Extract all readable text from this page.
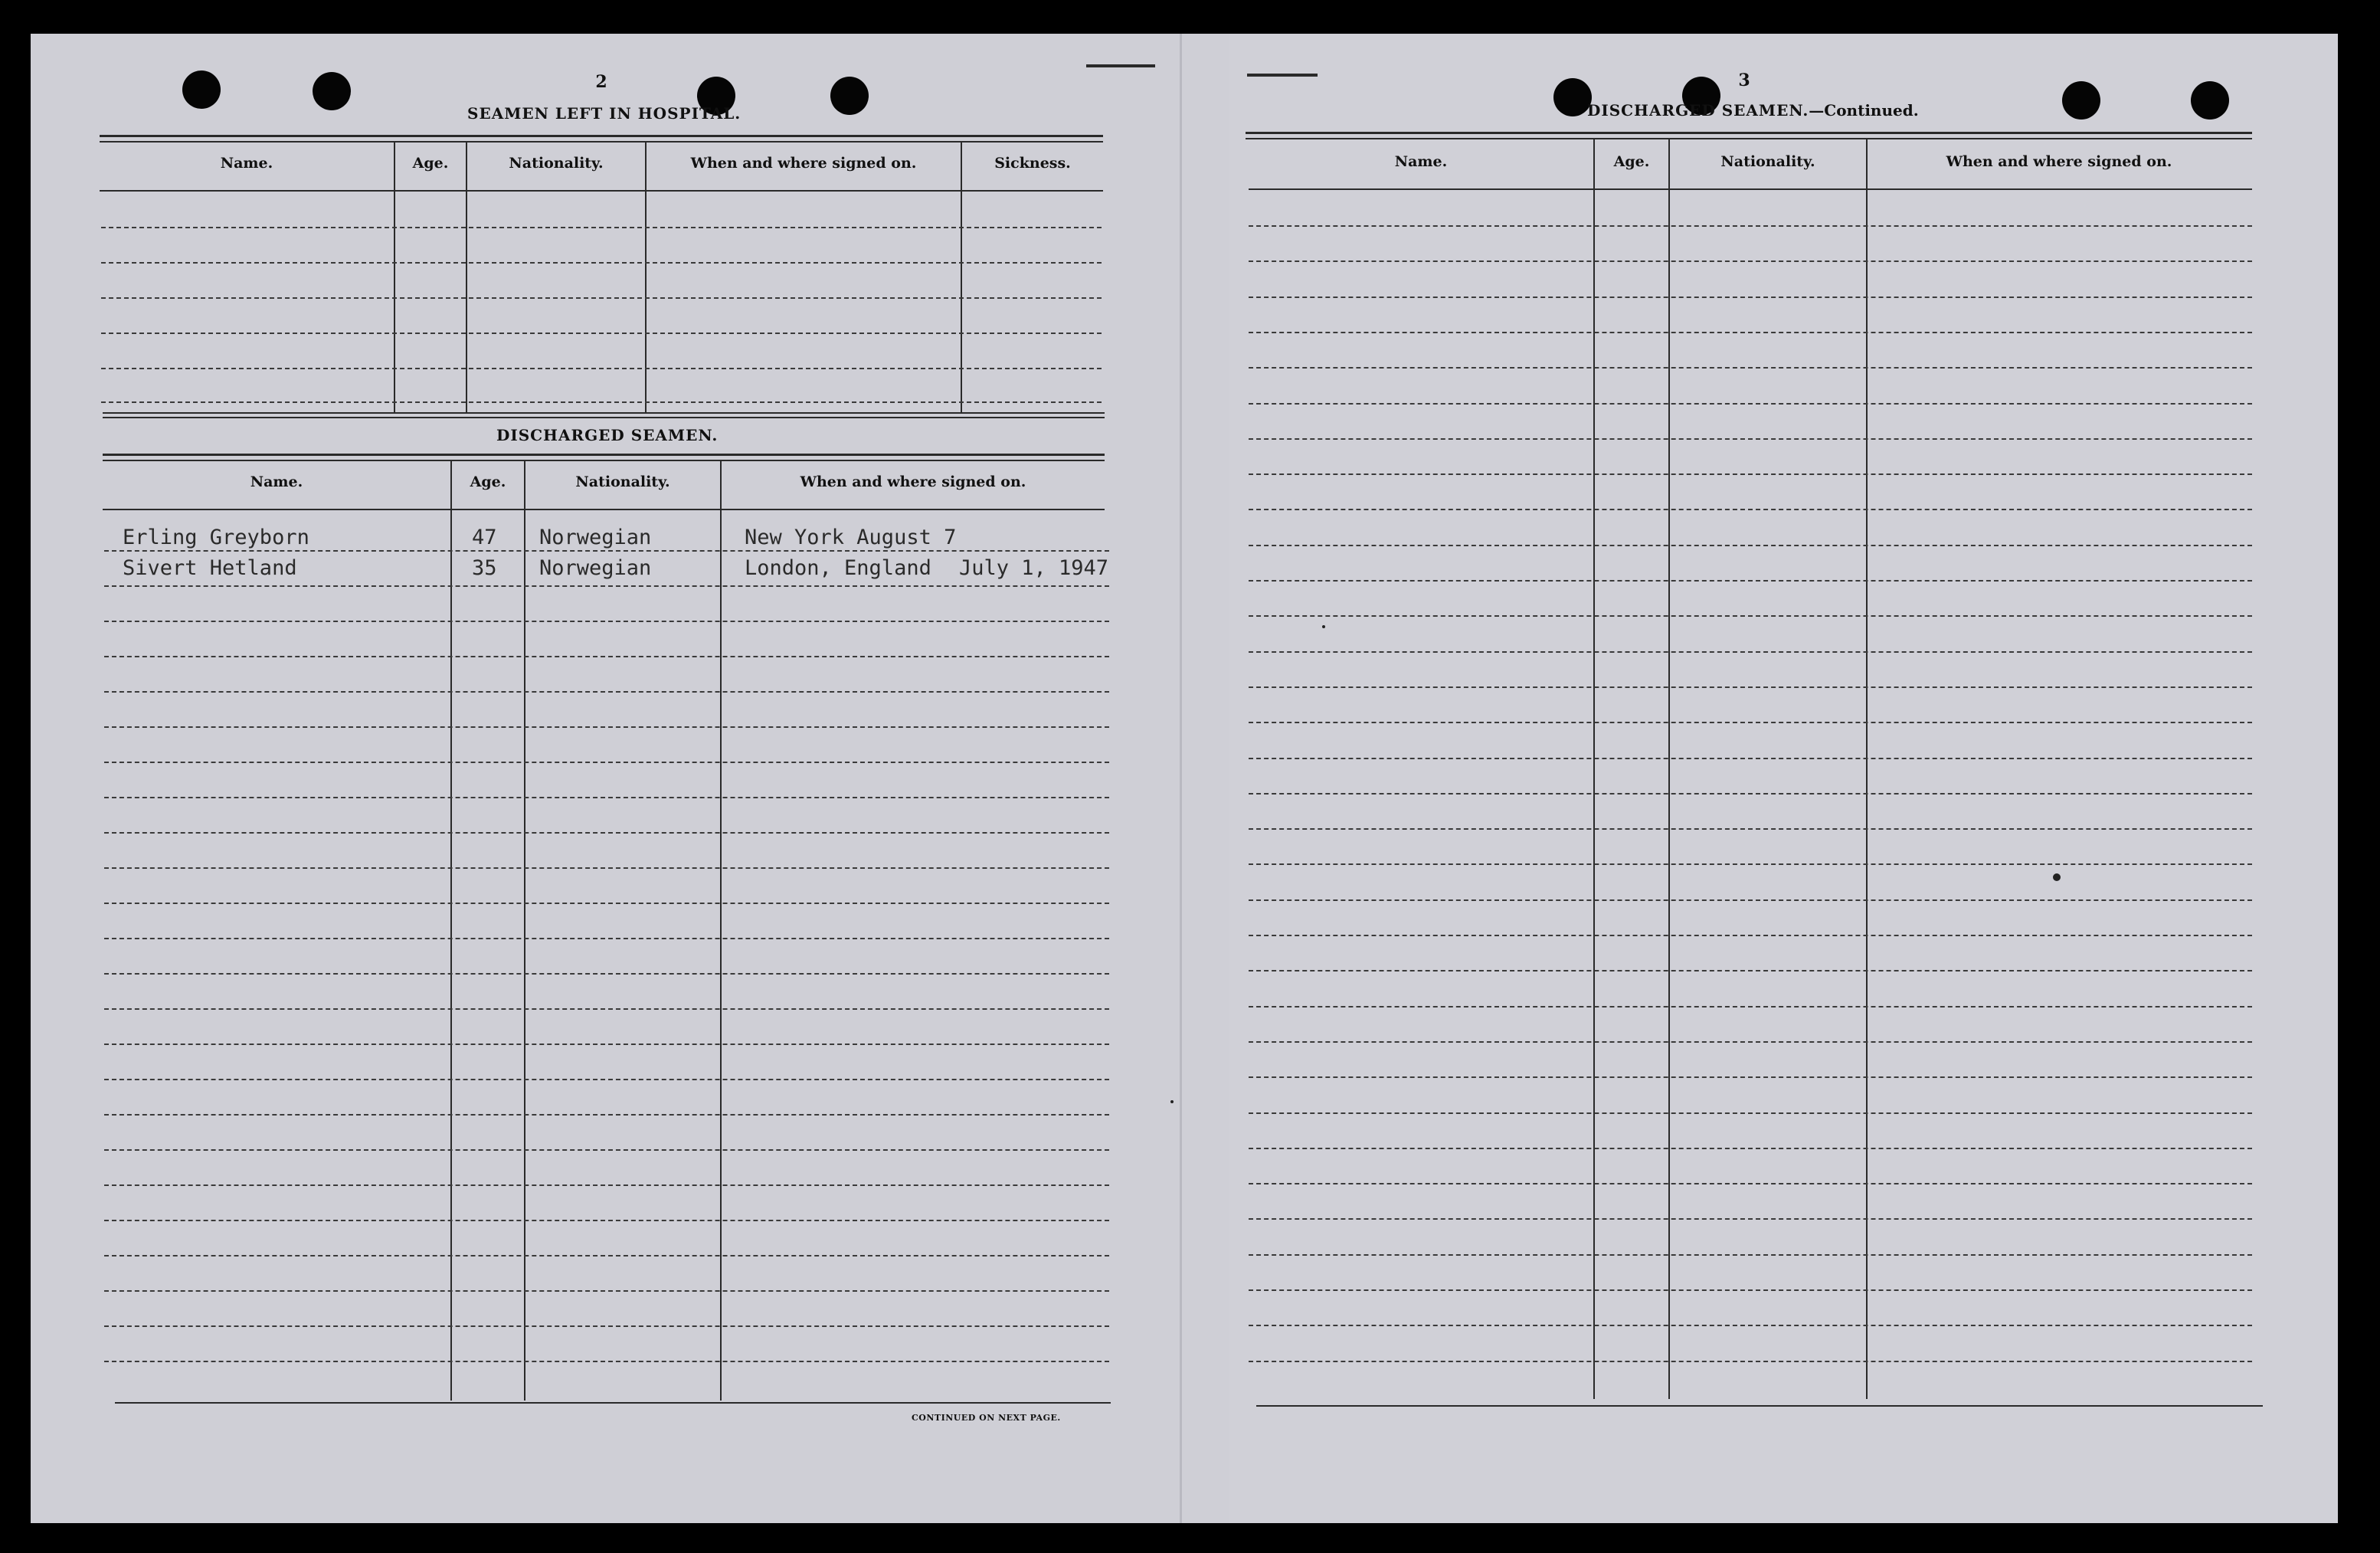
2
SEAMEN LEFT IN HOSPITAL.
Name.	Age.	Nationality.	When and where signed on.	Sickness.
DISCHARGED SEAMEN.
Name.	Age.	Nationality.	When and where signed on.
Erling Greyborn	47 Norwegian	New York August 7
Sivert Hetland	35 Norwegian	London, England July 1, 1947
CONTINUED ON NEXT PAGE.
3
DISCHARGED SEAMEN.—Continued.
Name.	Age.	Nationality.	When and where signed on.
